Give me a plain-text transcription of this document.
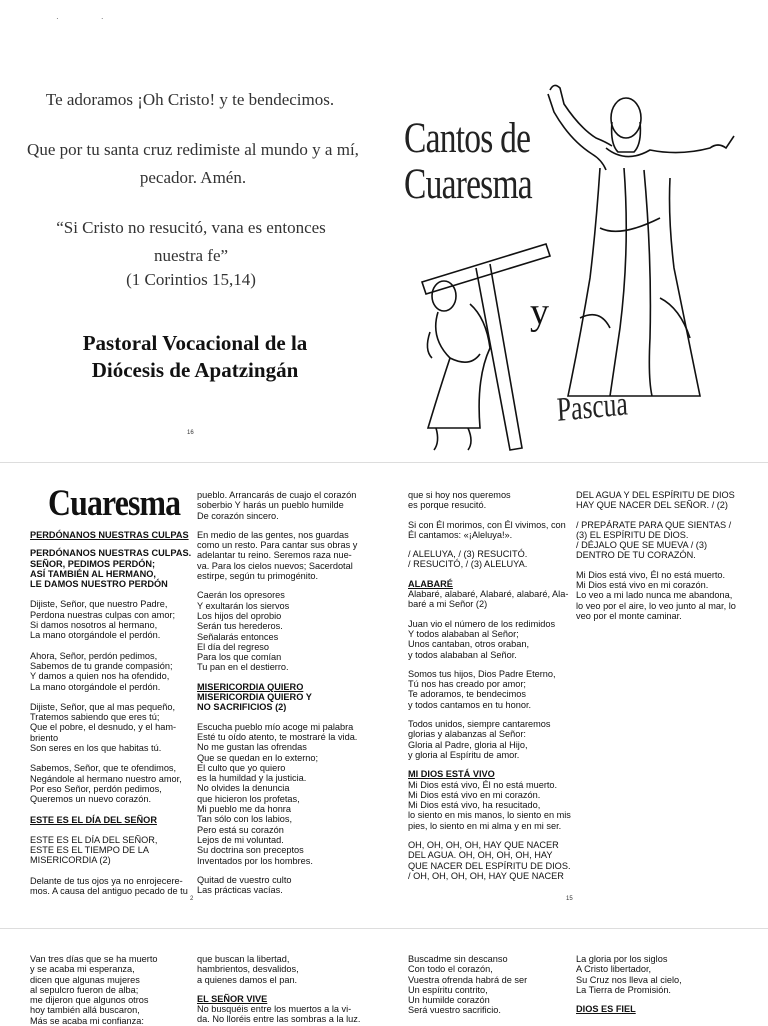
·                   ·
Te adoramos ¡Oh Cristo! y te bendecimos.
Que por tu santa cruz redimiste al mundo y a mí, pecador. Amén.
“Si Cristo no resucitó, vana es entonces nuestra fe”
(1 Corintios 15,14)
Pastoral Vocacional de la
Diócesis de Apatzingán
16
Cantos de
Cuaresma
y
Pascua
Cuaresma
PERDÓNANOS NUESTRAS CULPAS
PERDÓNANOS NUESTRAS CULPAS.
SEÑOR, PEDIMOS PERDÓN;
ASÍ TAMBIÉN AL HERMANO,
LE DAMOS NUESTRO PERDÓN
Dijiste, Señor, que nuestro Padre,
Perdona nuestras culpas con amor;
Si damos nosotros al hermano,
La mano otorgándole el perdón.
Ahora, Señor, perdón pedimos,
Sabemos de tu grande compasión;
Y damos a quien nos ha ofendido,
La mano otorgándole el perdón.
Dijiste, Señor, que al mas pequeño,
Tratemos sabiendo que eres tú;
Que el pobre, el desnudo, y el ham-
briento
Son seres en los que habitas tú.
Sabemos, Señor, que te ofendimos,
Negándole al hermano nuestro amor,
Por eso Señor, perdón pedimos,
Queremos un nuevo corazón.
ESTE ES EL DÍA DEL SEÑOR
ESTE ES EL DÍA DEL SEÑOR,
ESTE ES EL TIEMPO DE LA
MISERICORDIA (2)
Delante de tus ojos ya no enrojecere-
mos. A causa del antiguo pecado de tu
pueblo. Arrancarás de cuajo el corazón
soberbio Y harás un pueblo humilde
De corazón sincero.
En medio de las gentes, nos guardas
como un resto. Para cantar sus obras y
adelantar tu reino. Seremos raza nue-
va. Para los cielos nuevos; Sacerdotal
estirpe, según tu primogénito.
Caerán los opresores
Y exultarán los siervos
Los hijos del oprobio
Serán tus herederos.
Señalarás entonces
El día del regreso
Para los que comían
Tu pan en el destierro.
MISERICORDIA QUIERO
MISERICORDIA QUIERO Y
NO SACRIFICIOS (2)
Escucha pueblo mío acoge mi palabra
Esté tu oído atento, te mostraré la vida.
No me gustan las ofrendas
Que se quedan en lo externo;
El culto que yo quiero
es la humildad y la justicia.
No olvides la denuncia
que hicieron los profetas,
Mi pueblo me da honra
Tan sólo con los labios,
Pero está su corazón
Lejos de mi voluntad.
Su doctrina son preceptos
Inventados por los hombres.
Quitad de vuestro culto
Las prácticas vacías.
2
que si hoy nos queremos
es porque resucitó.
Si con Él morimos, con Él vivimos, con
Él cantamos: «¡Aleluya!».
/ ALELUYA, / (3) RESUCITÓ.
/ RESUCITÓ, / (3) ALELUYA.
ALABARÉ
Alabaré, alabaré, Alabaré, alabaré, Ala-
baré a mi Señor (2)
Juan vio el número de los redimidos
Y todos alababan al Señor;
Unos cantaban, otros oraban,
y todos alababan al Señor.
Somos tus hijos, Dios Padre Eterno,
Tú nos has creado por amor;
Te adoramos, te bendecimos
y todos cantamos en tu honor.
Todos unidos, siempre cantaremos
glorias y alabanzas al Señor:
Gloria al Padre, gloria al Hijo,
y gloria al Espíritu de amor.
MI DIOS ESTÁ VIVO
Mi Dios está vivo, Él no está muerto.
Mi Dios está vivo en mi corazón.
Mi Dios está vivo, ha resucitado,
lo siento en mis manos, lo siento en mis
pies, lo siento en mi alma y en mi ser.
OH, OH, OH, OH, HAY QUE NACER
DEL AGUA. OH, OH, OH, OH, HAY
QUE NACER DEL ESPÍRITU DE DIOS.
/ OH, OH, OH, OH, HAY QUE NACER
DEL AGUA Y DEL ESPÍRITU DE DIOS
HAY QUE NACER DEL SEÑOR. / (2)
/ PREPÁRATE PARA QUE SIENTAS /
(3) EL ESPÍRITU DE DIOS.
/ DÉJALO QUE SE MUEVA / (3)
DENTRO DE TU CORAZÓN.
Mi Dios está vivo, Él no está muerto.
Mi Dios está vivo en mi corazón.
Lo veo a mi lado nunca me abandona,
lo veo por el aire, lo veo junto al mar, lo
veo por el monte caminar.
15
Van tres días que se ha muerto
y se acaba mi esperanza,
dicen que algunas mujeres
al sepulcro fueron de alba;
me dijeron que algunos otros
hoy también allá buscaron,
Más se acaba mi confianza:
que buscan la libertad,
hambrientos, desvalidos,
a quienes damos el pan.
EL SEÑOR VIVE
No busquéis entre los muertos a la vi-
da. No lloréis entre las sombras a la luz.
Buscadme sin descanso
Con todo el corazón,
Vuestra ofrenda habrá de ser
Un espíritu contrito,
Un humilde corazón
Será vuestro sacrificio.
La gloria por los siglos
A Cristo libertador,
Su Cruz nos lleva al cielo,
La Tierra de Promisión.
DIOS ES FIEL
